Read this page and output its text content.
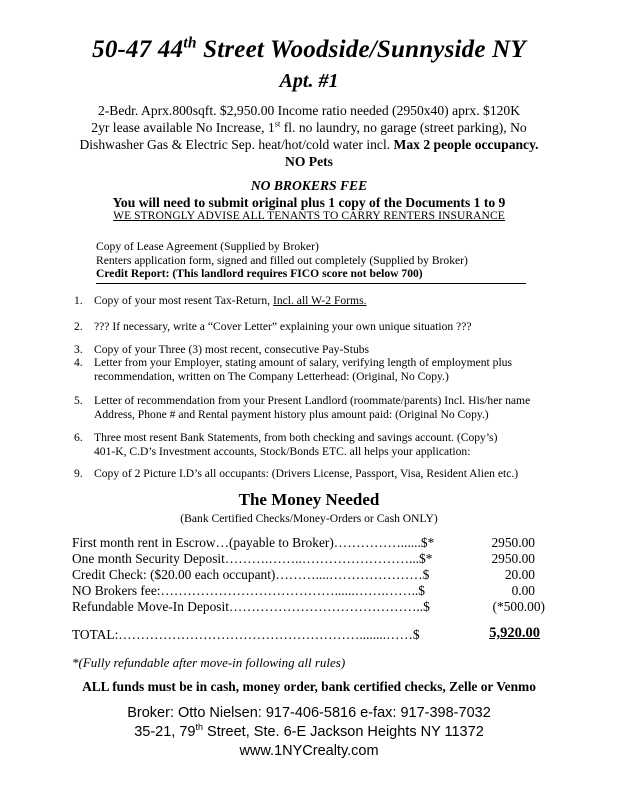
50-47 44th Street Woodside/Sunnyside NY
Apt. #1
2-Bedr. Aprx.800sqft. $2,950.00 Income ratio needed (2950x40) aprx. $120K
2yr lease available No Increase, 1st fl. no laundry, no garage (street parking), No
Dishwasher Gas & Electric Sep. heat/hot/cold water incl. Max 2 people occupancy.
NO Pets
NO BROKERS FEE
You will need to submit original plus 1 copy of the Documents 1 to 9
WE STRONGLY ADVISE ALL TENANTS TO CARRY RENTERS INSURANCE
Copy of Lease Agreement (Supplied by Broker)
Renters application form, signed and filled out completely (Supplied by Broker)
Credit Report: (This landlord requires FICO score not below 700)
1. Copy of your most resent Tax-Return, Incl. all W-2 Forms.
2. ??? If necessary, write a “Cover Letter” explaining your own unique situation ???
3. Copy of your Three (3) most recent, consecutive Pay-Stubs
4. Letter from your Employer, stating amount of salary, verifying length of employment plus
recommendation, written on The Company Letterhead: (Original, No Copy.)
5. Letter of recommendation from your Present Landlord (roommate/parents) Incl. His/her name
Address, Phone # and Rental payment history plus amount paid: (Original No Copy.)
6. Three most resent Bank Statements, from both checking and savings account. (Copy’s)
401-K, C.D’s Investment accounts, Stock/Bonds ETC. all helps your application:
9. Copy of 2 Picture I.D’s all occupants: (Drivers License, Passport, Visa, Resident Alien etc.)
The Money Needed
(Bank Certified Checks/Money-Orders or Cash ONLY)
First month rent in Escrow…(payable to Broker)……………......$*	2950.00
One month Security Deposit……….……..……………………...$*	2950.00
Credit Check: ($20.00 each occupant)………....…………………$	20.00
NO Brokers fee:…………………………………......…….……..$	0.00
Refundable Move-In Deposit……………………………………..$	(*500.00)
TOTAL:………………………………………………........……$	5,920.00
*(Fully refundable after move-in following all rules)
ALL funds must be in cash, money order, bank certified checks, Zelle or Venmo
Broker: Otto Nielsen: 917-406-5816 e-fax: 917-398-7032
35-21, 79th Street, Ste. 6-E Jackson Heights NY 11372
www.1NYCrealty.com
